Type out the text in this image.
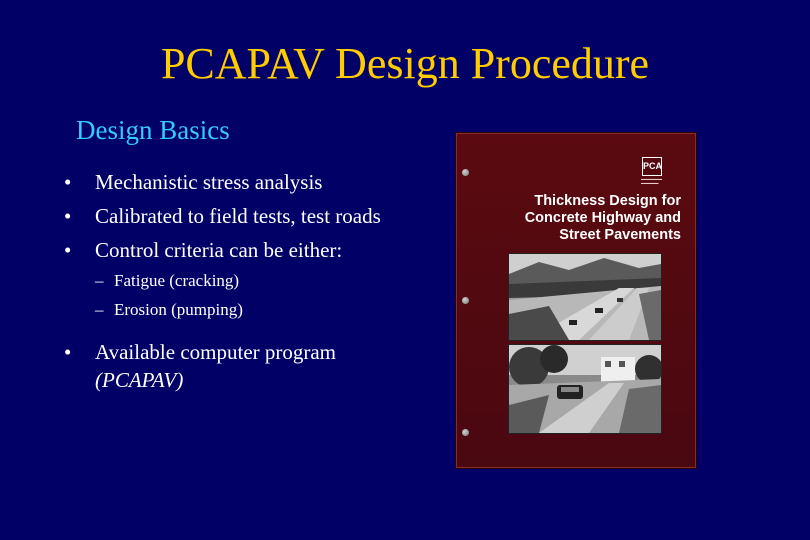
PCAPAV Design Procedure
Design Basics
• Mechanistic stress analysis
• Calibrated to field tests, test roads
• Control criteria can be either:
– Fatigue (cracking)
– Erosion (pumping)
• Available computer program (PCAPAV)
PCA
▬▬▬▬▬▬
▬▬▬▬▬
Thickness Design for
Concrete Highway and
Street Pavements
